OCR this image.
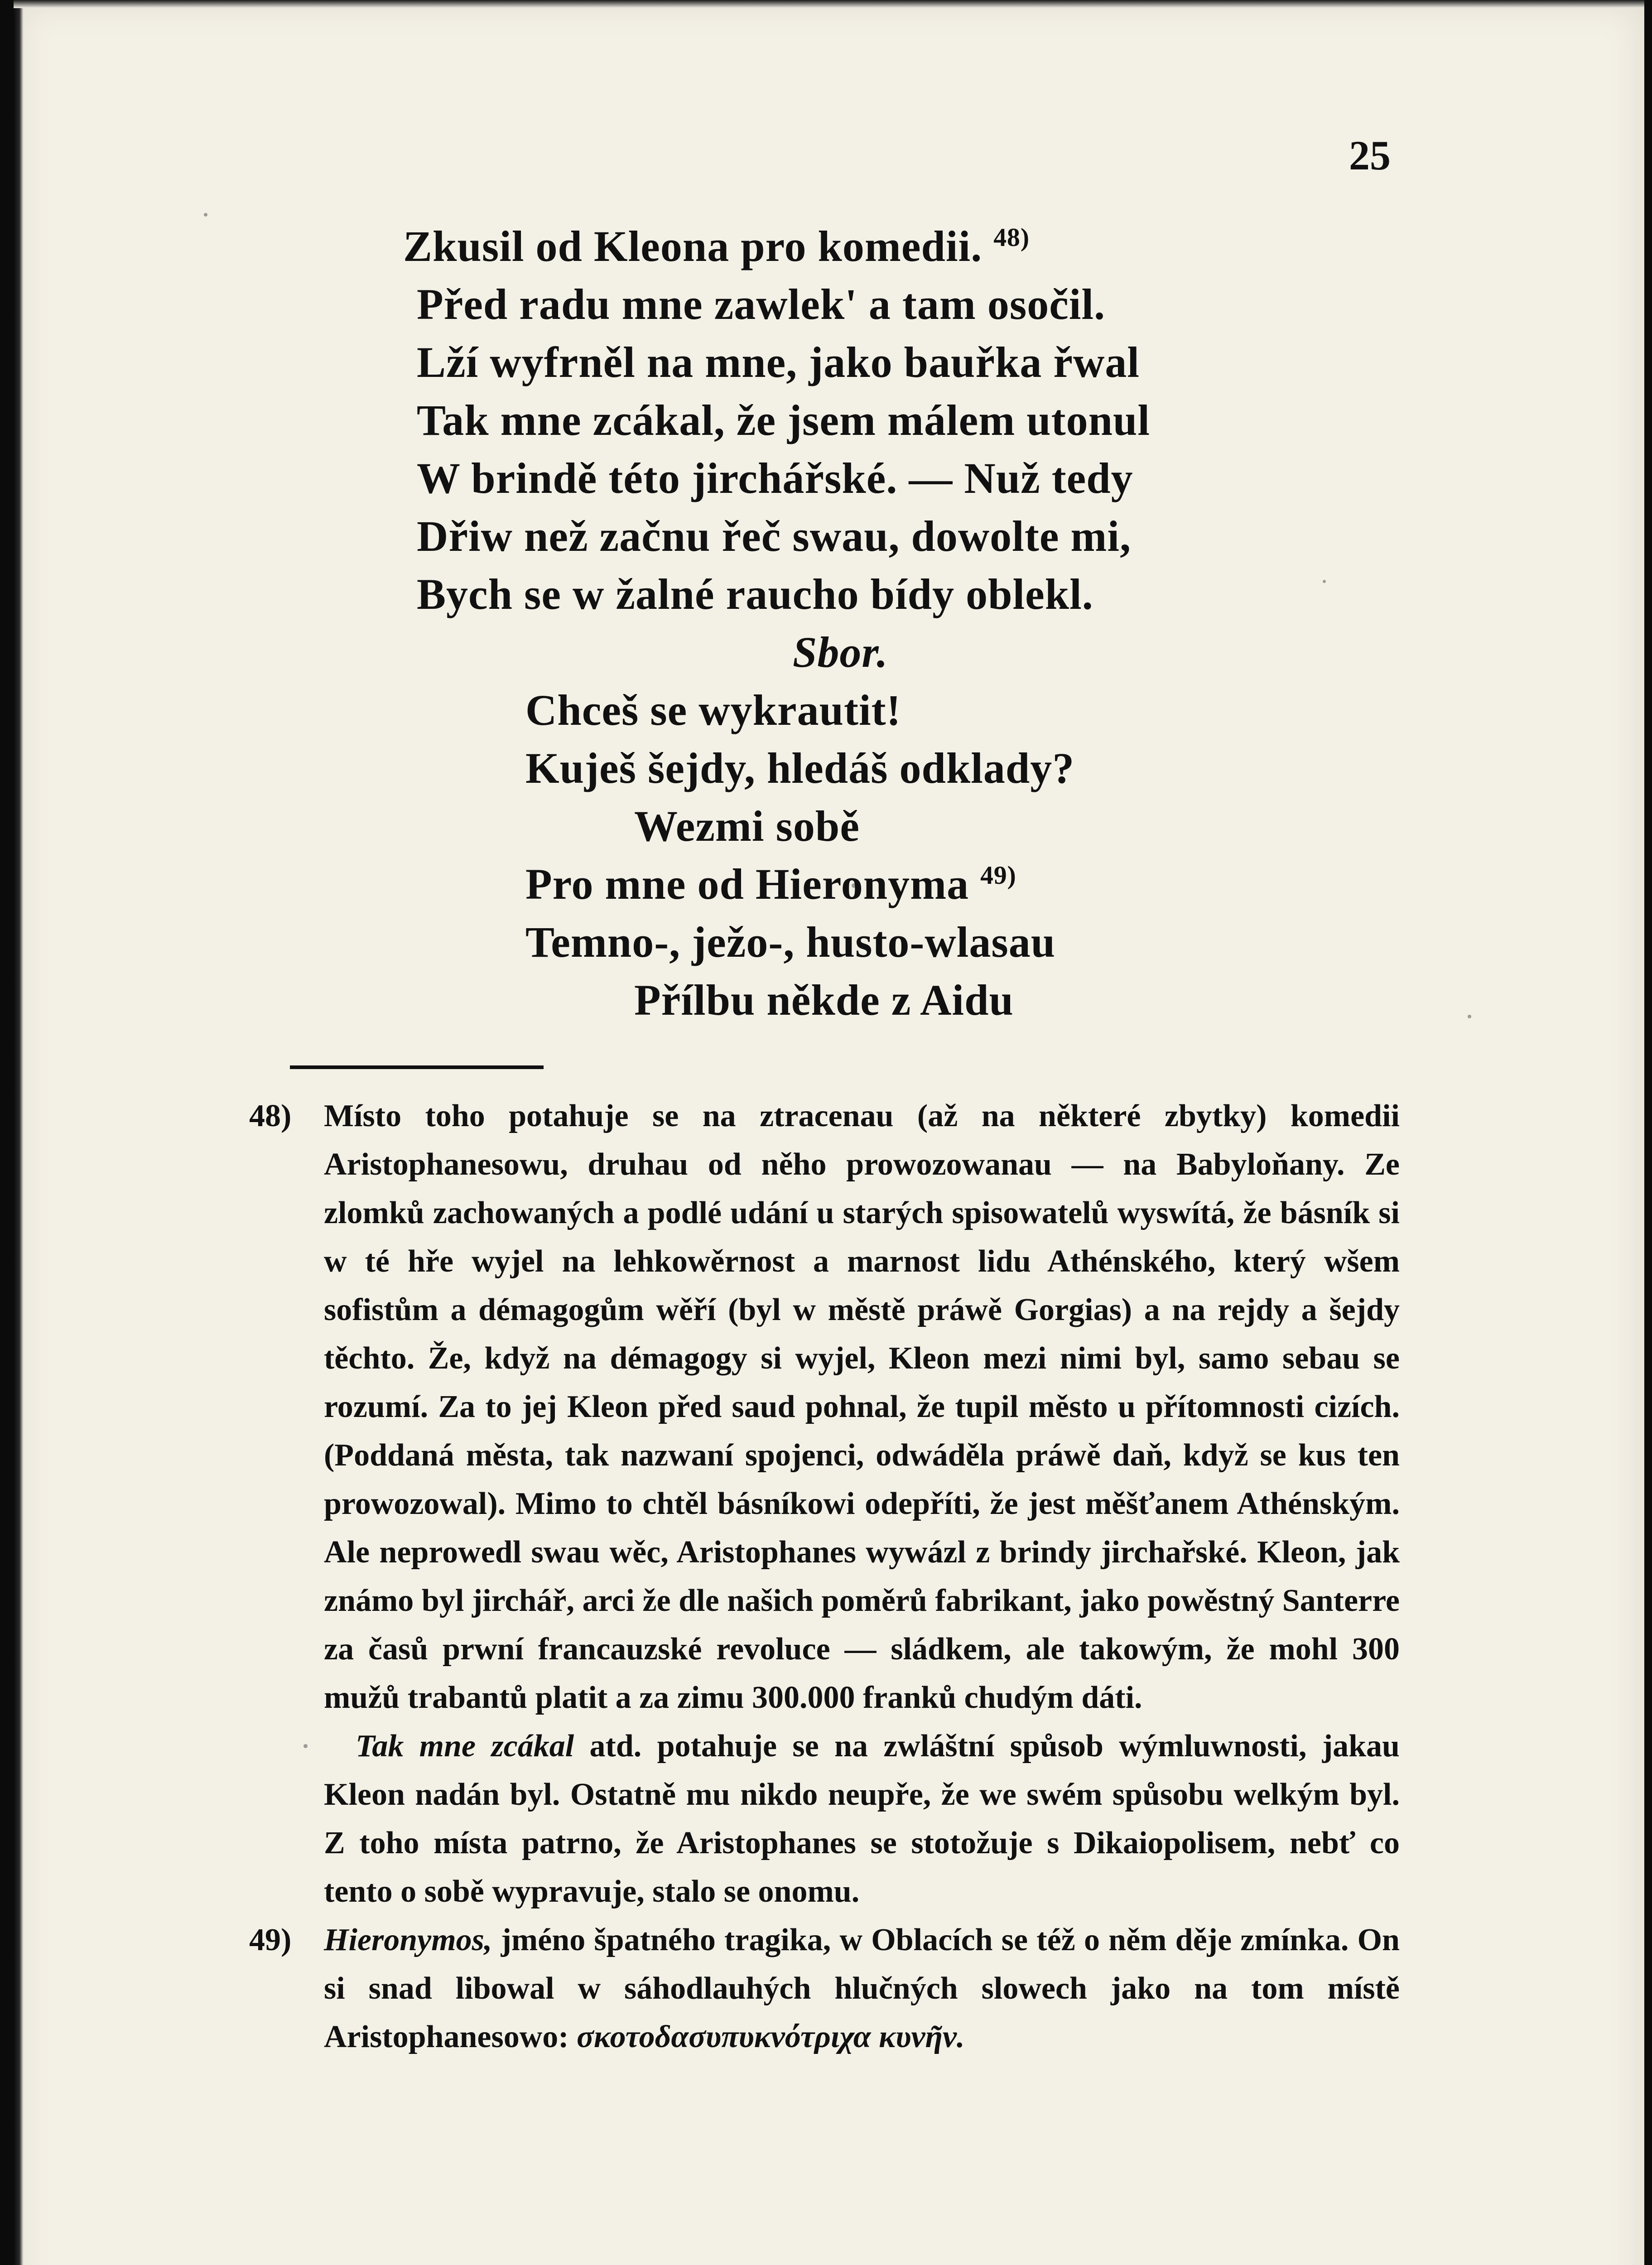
25
Zkusil od Kleona pro komedii. $^{48)}$
Před radu mne zawlek' a tam osočil.
Lží wyfrněl na mne, jako bauřka řwal
Tak mne zcákal, že jsem málem utonul
W brindě této jirchářské. — Nuž tedy
Dřiw než začnu řeč swau, dowolte mi,
Bych se w žalné raucho bídy oblekl.
Sbor.
Chceš se wykrautit!
Kuješ šejdy, hledáš odklady?
Wezmi sobě
Pro mne od Hieronyma $^{49)}$
Temno-, ježo-, husto-wlasau
Přílbu někde z Aidu
48) Místo toho potahuje se na ztracenau (až na některé zbytky) komedii Aristophanesowu, druhau od něho prowozowanau — na Babyloňany. Ze zlomků zachowaných a podlé udání u starých spisowatelů wyswítá, že básník si w té hře wyjel na lehkowěrnost a marnost lidu Athénského, který wšem sofistům a démagogům wěří (byl w městě práwě Gorgias) a na rejdy a šejdy těchto. Že, když na démagogy si wyjel, Kleon mezi nimi byl, samo sebau se rozumí. Za to jej Kleon před saud pohnal, že tupil město u přítomnosti cizích. (Poddaná města, tak nazwaní spojenci, odwáděla práwě daň, když se kus ten prowozowal). Mimo to chtěl básníkowi odepříti, že jest měšťanem Athénským. Ale neprowedl swau wěc, Aristophanes wywázl z brindy jirchařské. Kleon, jak známo byl jirchář, arci že dle našich poměrů fabrikant, jako powěstný Santerre za časů prwní francauzské revoluce — sládkem, ale takowým, že mohl 300 mužů trabantů platit a za zimu 300.000 franků chudým dáti.

Tak mne zcákal atd. potahuje se na zwláštní spůsob wýmluwnosti, jakau Kleon nadán byl. Ostatně mu nikdo neupře, že we swém spůsobu welkým byl. Z toho místa patrno, že Aristophanes se stotožuje s Dikaiopolisem, nebť co tento o sobě wypravuje, stalo se onomu.

49) Hieronymos, jméno špatného tragika, w Oblacích se též o něm děje zmínka. On si snad libowal w sáhodlauhých hlučných slowech jako na tom místě Aristophanesowo: σκοτοδασυπυκνότριχα κυνῆν.
